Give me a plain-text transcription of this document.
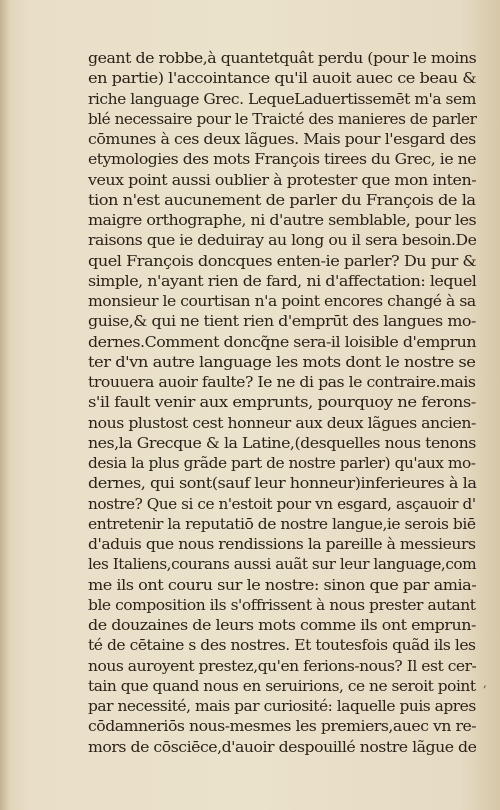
geant de robbe,à quantetquât perdu (pour le moins
en partie) l'accointance qu'il auoit auec ce beau &
riche language Grec. LequeLaduertissemēt m'a sem
blé necessaire pour le Traicté des manieres de parler
cōmunes à ces deux lãgues. Mais pour l'esgard des
etymologies des mots François tirees du Grec, ie ne
veux point aussi oublier à protester que mon inten-
tion n'est aucunement de parler du François de la
maigre orthographe, ni d'autre semblable, pour les
raisons que ie deduiray au long ou il sera besoin.De
quel François doncques enten-ie parler? Du pur &
simple, n'ayant rien de fard, ni d'affectation: lequel
monsieur le courtisan n'a point encores changé à sa
guise,& qui ne tient rien d'emprūt des langues mo-
dernes.Comment doncq̃ne sera-il loisible d'emprun
ter d'vn autre language les mots dont le nostre se
trouuera auoir faulte? Ie ne di pas le contraire.mais
s'il fault venir aux emprunts, pourquoy ne ferons-
nous plustost cest honneur aux deux lãgues ancien-
nes,la Grecque & la Latine,(desquelles nous tenons
desia la plus grãde part de nostre parler) qu'aux mo-
dernes, qui sont(sauf leur honneur)inferieures à la
nostre? Que si ce n'estoit pour vn esgard, asçauoir d'
entretenir la reputatiō de nostre langue,ie serois biē
d'aduis que nous rendissions la pareille à messieurs
les Italiens,courans aussi auãt sur leur language,com
me ils ont couru sur le nostre: sinon que par amia-
ble composition ils s'offrissent à nous prester autant
de douzaines de leurs mots comme ils ont emprun-
té de cētaine s des nostres. Et toutesfois quãd ils les
nous auroyent prestez,qu'en ferions-nous? Il est cer-
tain que quand nous en seruirions, ce ne seroit point
par necessité, mais par curiosité: laquelle puis apres
cōdamneriōs nous-mesmes les premiers,auec vn re-
mors de cōsciēce,d'auoir despouillé nostre lãgue de
,
